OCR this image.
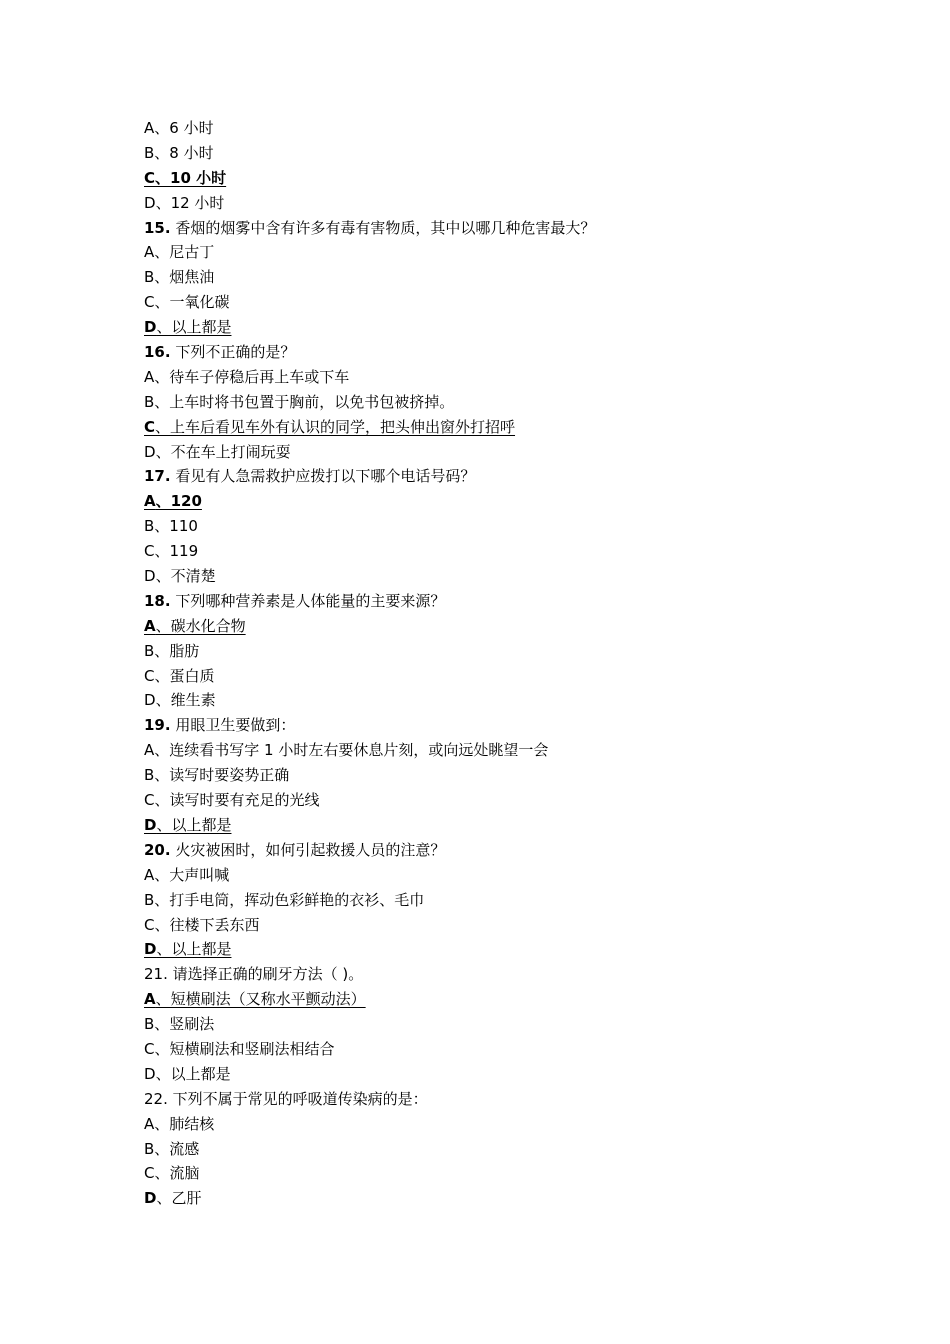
A、6 小时
B、8 小时
C、10 小时
D、12 小时
15. 香烟的烟雾中含有许多有毒有害物质，其中以哪几种危害最大？
A、尼古丁
B、烟焦油
C、一氧化碳
D、以上都是
16. 下列不正确的是？
A、待车子停稳后再上车或下车
B、上车时将书包置于胸前，以免书包被挤掉。
C、上车后看见车外有认识的同学，把头伸出窗外打招呼
D、不在车上打闹玩耍
17. 看见有人急需救护应拨打以下哪个电话号码？
A、120
B、110
C、119
D、不清楚
18. 下列哪种营养素是人体能量的主要来源？
A、碳水化合物
B、脂肪
C、蛋白质
D、维生素
19. 用眼卫生要做到：
A、连续看书写字 1 小时左右要休息片刻，或向远处眺望一会
B、读写时要姿势正确
C、读写时要有充足的光线
D、以上都是
20. 火灾被困时，如何引起救援人员的注意？
A、大声叫喊
B、打手电筒，挥动色彩鲜艳的衣衫、毛巾
C、往楼下丢东西
D、以上都是
21. 请选择正确的刷牙方法（ )。
A、短横刷法（又称水平颤动法）
B、竖刷法
C、短横刷法和竖刷法相结合
D、以上都是
22. 下列不属于常见的呼吸道传染病的是：
A、肺结核
B、流感
C、流脑
D、乙肝
